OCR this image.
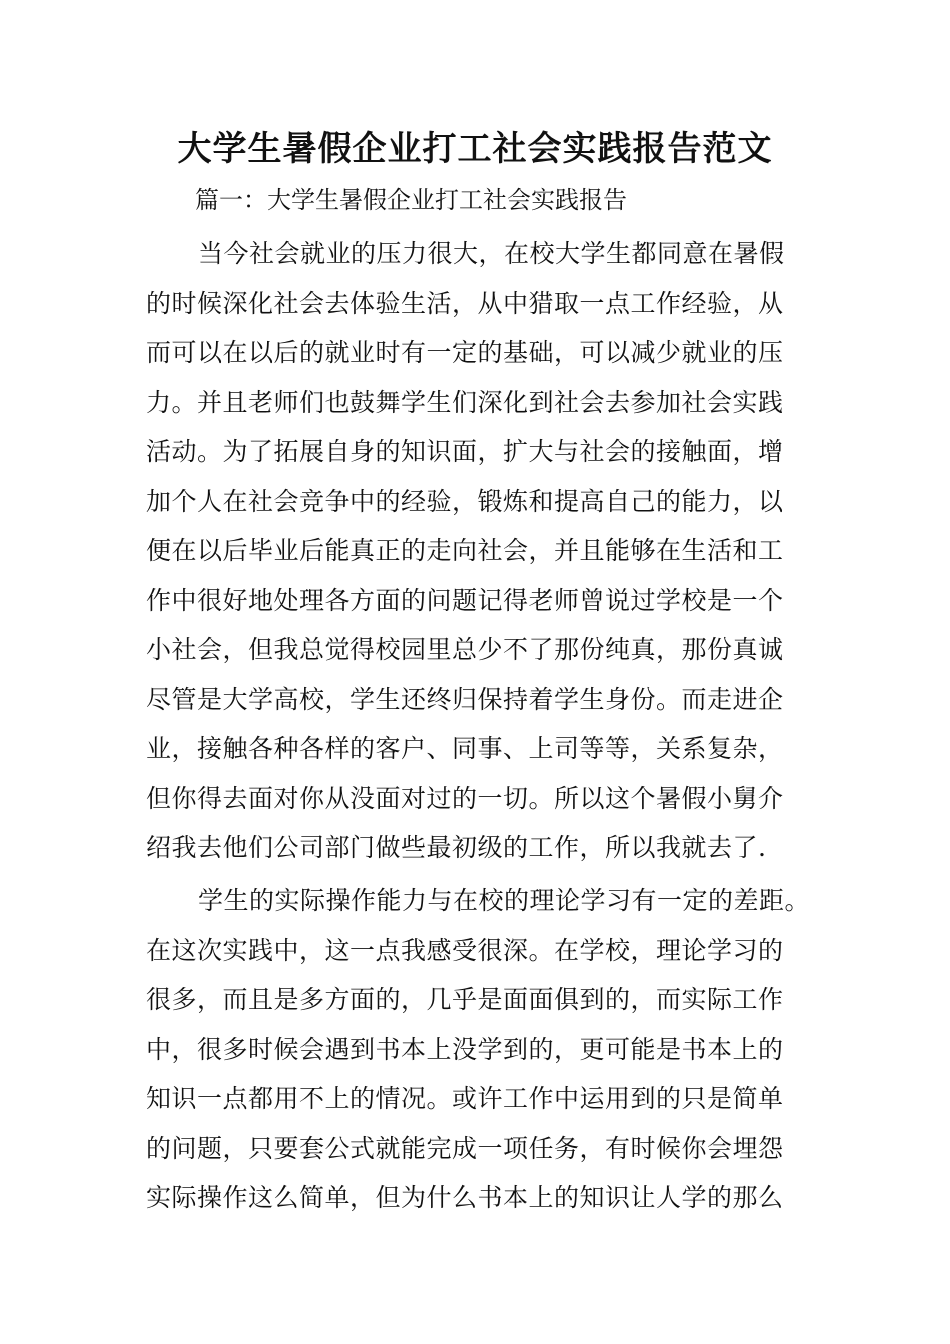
大学生暑假企业打工社会实践报告范文
篇一：大学生暑假企业打工社会实践报告
当今社会就业的压力很大，在校大学生都同意在暑假
的时候深化社会去体验生活，从中猎取一点工作经验，从
而可以在以后的就业时有一定的基础，可以减少就业的压
力。并且老师们也鼓舞学生们深化到社会去参加社会实践
活动。为了拓展自身的知识面，扩大与社会的接触面，增
加个人在社会竞争中的经验，锻炼和提高自己的能力，以
便在以后毕业后能真正的走向社会，并且能够在生活和工
作中很好地处理各方面的问题记得老师曾说过学校是一个
小社会，但我总觉得校园里总少不了那份纯真，那份真诚
尽管是大学高校，学生还终归保持着学生身份。而走进企
业，接触各种各样的客户、同事、上司等等，关系复杂，
但你得去面对你从没面对过的一切。所以这个暑假小舅介
绍我去他们公司部门做些最初级的工作，所以我就去了.
学生的实际操作能力与在校的理论学习有一定的差距。
在这次实践中，这一点我感受很深。在学校，理论学习的
很多，而且是多方面的，几乎是面面俱到的，而实际工作
中，很多时候会遇到书本上没学到的，更可能是书本上的
知识一点都用不上的情况。或许工作中运用到的只是简单
的问题，只要套公式就能完成一项任务，有时候你会埋怨
实际操作这么简单，但为什么书本上的知识让人学的那么
